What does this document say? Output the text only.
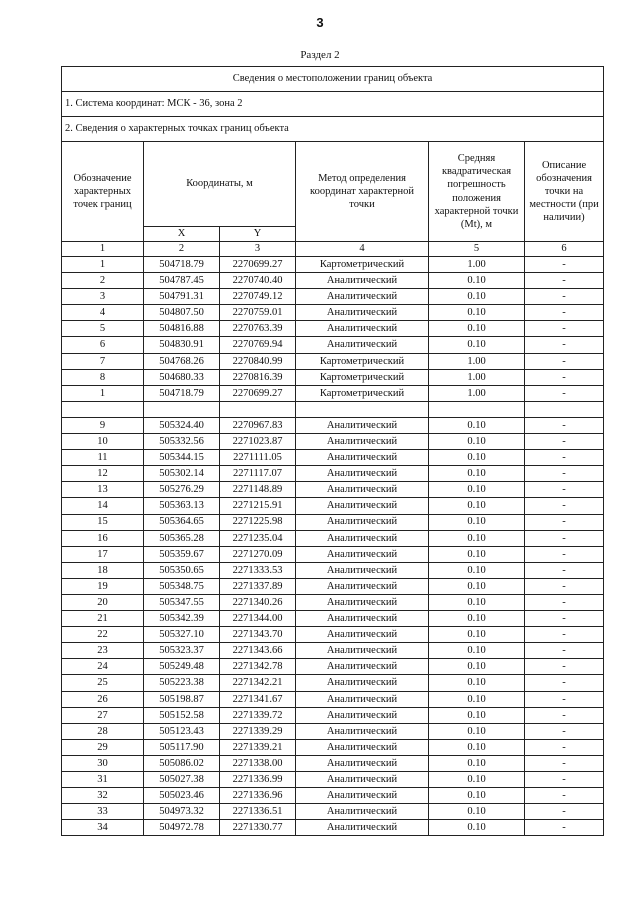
3
Раздел 2
Сведения о местоположении границ объекта					
1. Система координат: МСК - 36, зона 2					
2. Сведения о характерных точках границ объекта					
Обозначение характерных точек границ	Координаты, м		Метод определения координат характерной точки	Средняя квадратическая погрешность положения характерной точки (Mt), м	Описание обозначения точки на местности (при наличии)
	X	Y			
1	2	3	4	5	6
1	504718.79	2270699.27	Картометрический	1.00	-
2	504787.45	2270740.40	Аналитический	0.10	-
3	504791.31	2270749.12	Аналитический	0.10	-
4	504807.50	2270759.01	Аналитический	0.10	-
5	504816.88	2270763.39	Аналитический	0.10	-
6	504830.91	2270769.94	Аналитический	0.10	-
7	504768.26	2270840.99	Картометрический	1.00	-
8	504680.33	2270816.39	Картометрический	1.00	-
1	504718.79	2270699.27	Картометрический	1.00	-

9	505324.40	2270967.83	Аналитический	0.10	-
10	505332.56	2271023.87	Аналитический	0.10	-
11	505344.15	2271111.05	Аналитический	0.10	-
12	505302.14	2271117.07	Аналитический	0.10	-
13	505276.29	2271148.89	Аналитический	0.10	-
14	505363.13	2271215.91	Аналитический	0.10	-
15	505364.65	2271225.98	Аналитический	0.10	-
16	505365.28	2271235.04	Аналитический	0.10	-
17	505359.67	2271270.09	Аналитический	0.10	-
18	505350.65	2271333.53	Аналитический	0.10	-
19	505348.75	2271337.89	Аналитический	0.10	-
20	505347.55	2271340.26	Аналитический	0.10	-
21	505342.39	2271344.00	Аналитический	0.10	-
22	505327.10	2271343.70	Аналитический	0.10	-
23	505323.37	2271343.66	Аналитический	0.10	-
24	505249.48	2271342.78	Аналитический	0.10	-
25	505223.38	2271342.21	Аналитический	0.10	-
26	505198.87	2271341.67	Аналитический	0.10	-
27	505152.58	2271339.72	Аналитический	0.10	-
28	505123.43	2271339.29	Аналитический	0.10	-
29	505117.90	2271339.21	Аналитический	0.10	-
30	505086.02	2271338.00	Аналитический	0.10	-
31	505027.38	2271336.99	Аналитический	0.10	-
32	505023.46	2271336.96	Аналитический	0.10	-
33	504973.32	2271336.51	Аналитический	0.10	-
34	504972.78	2271330.77	Аналитический	0.10	-
